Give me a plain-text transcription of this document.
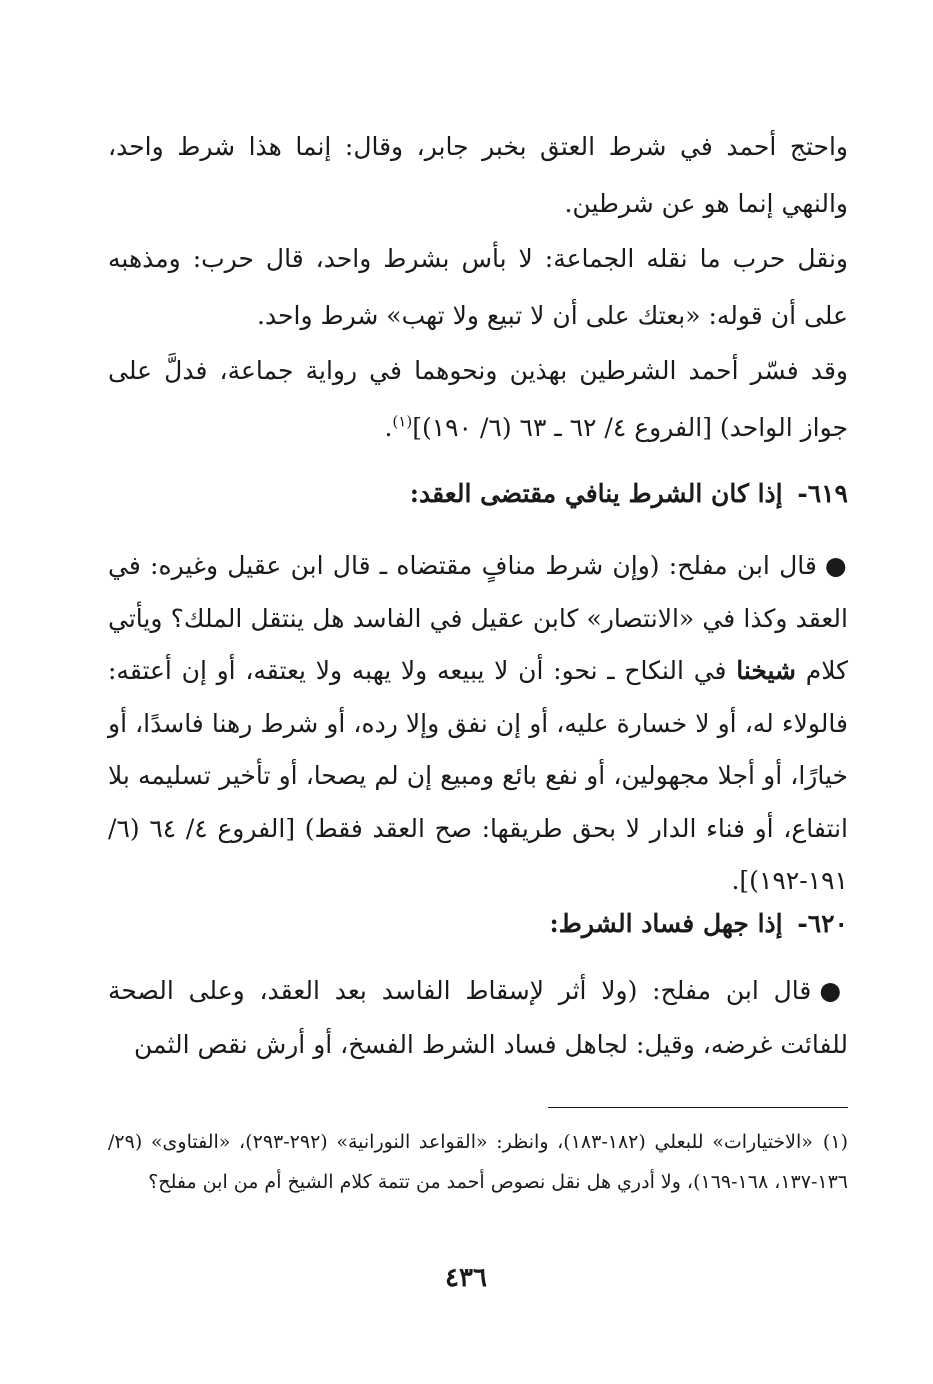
واحتج أحمد في شرط العتق بخبر جابر، وقال: إنما هذا شرط واحد، والنهي إنما هو عن شرطين.

ونقل حرب ما نقله الجماعة: لا بأس بشرط واحد، قال حرب: ومذهبه على أن قوله: «بعتك على أن لا تبيع ولا تهب» شرط واحد.

وقد فسّر أحمد الشرطين بهذين ونحوهما في رواية جماعة، فدلَّ على جواز الواحد) [الفروع ٤/ ٦٢ ـ ٦٣ (٦/ ١٩٠)]$^{(١)}$.

٦١٩- إذا كان الشرط ينافي مقتضى العقد:

●قال ابن مفلح: (وإن شرط منافٍ مقتضاه ـ قال ابن عقيل وغيره: في العقد وكذا في «الانتصار» كابن عقيل في الفاسد هل ينتقل الملك؟ ويأتي كلام شيخنا في النكاح ـ نحو: أن لا يبيعه ولا يهبه ولا يعتقه، أو إن أعتقه: فالولاء له، أو لا خسارة عليه، أو إن نفق وإلا رده، أو شرط رهنا فاسدًا، أو خيارًا، أو أجلا مجهولين، أو نفع بائع ومبيع إن لم يصحا، أو تأخير تسليمه بلا انتفاع، أو فناء الدار لا بحق طريقها: صح العقد فقط) [الفروع ٤/ ٦٤ (٦/ ١٩١-١٩٢)].

٦٢٠- إذا جهل فساد الشرط:

●قال ابن مفلح: (ولا أثر لإسقاط الفاسد بعد العقد، وعلى الصحة للفائت غرضه، وقيل: لجاهل فساد الشرط الفسخ، أو أرش نقص الثمن

(١)«الاختيارات» للبعلي (١٨٢-١٨٣)، وانظر: «القواعد النورانية» (٢٩٢-٢٩٣)، «الفتاوى» (٢٩/ ١٣٦-١٣٧، ١٦٨-١٦٩)، ولا أدري هل نقل نصوص أحمد من تتمة كلام الشيخ أم من ابن مفلح؟

٤٣٦
